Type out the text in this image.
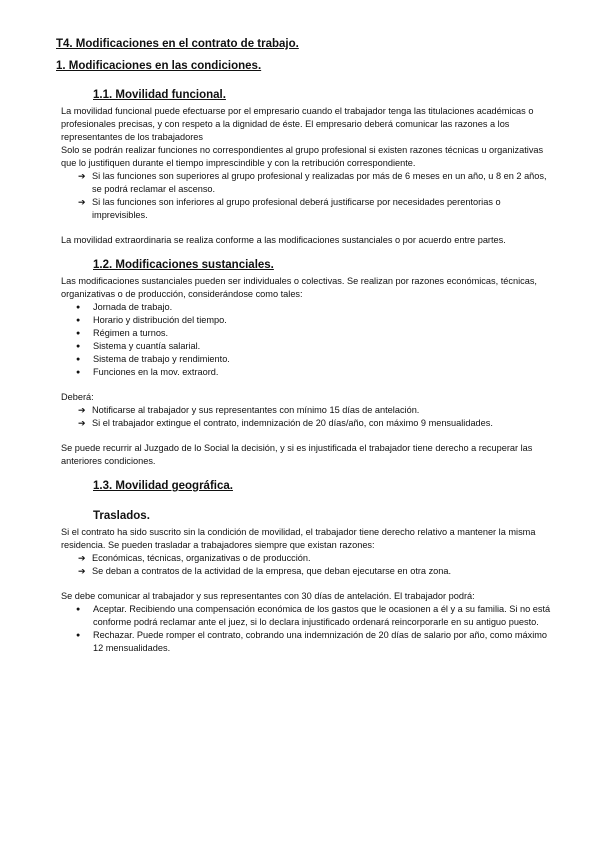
T4. Modificaciones en el contrato de trabajo.
1. Modificaciones en las condiciones.
1.1. Movilidad funcional.

La movilidad funcional puede efectuarse por el empresario cuando el trabajador tenga las titulaciones académicas o profesionales precisas, y con respeto a la dignidad de éste. El empresario deberá comunicar las razones a los representantes de los trabajadores

Solo se podrán realizar funciones no correspondientes al grupo profesional si existen razones técnicas u organizativas que lo justifiquen durante el tiempo imprescindible y con la retribución correspondiente.

➔ Si las funciones son superiores al grupo profesional y realizadas por más de 6 meses en un año, u 8 en 2 años, se podrá reclamar el ascenso.
➔ Si las funciones son inferiores al grupo profesional deberá justificarse por necesidades perentorias o imprevisibles.

La movilidad extraordinaria se realiza conforme a las modificaciones sustanciales o por acuerdo entre partes.

1.2. Modificaciones sustanciales.

Las modificaciones sustanciales pueden ser individuales o colectivas. Se realizan por razones económicas, técnicas, organizativas o de producción, considerándose como tales:

● Jornada de trabajo.
● Horario y distribución del tiempo.
● Régimen a turnos.
● Sistema y cuantía salarial.
● Sistema de trabajo y rendimiento.
● Funciones en la mov. extraord.

Deberá:

➔ Notificarse al trabajador y sus representantes con mínimo 15 días de antelación.
➔ Si el trabajador extingue el contrato, indemnización de 20 días/año, con máximo 9 mensualidades.

Se puede recurrir al Juzgado de lo Social la decisión, y si es injustificada el trabajador tiene derecho a recuperar las anteriores condiciones.

1.3. Movilidad geográfica.
Traslados.

Si el contrato ha sido suscrito sin la condición de movilidad, el trabajador tiene derecho relativo a mantener la misma residencia. Se pueden trasladar a trabajadores siempre que existan razones:

➔ Económicas, técnicas, organizativas o de producción.
➔ Se deban a contratos de la actividad de la empresa, que deban ejecutarse en otra zona.

Se debe comunicar al trabajador y sus representantes con 30 días de antelación. El trabajador podrá:

● Aceptar. Recibiendo una compensación económica de los gastos que le ocasionen a él y a su familia. Si no está conforme podrá reclamar ante el juez, si lo declara injustificado ordenará reincorporarle en su antiguo puesto.
● Rechazar. Puede romper el contrato, cobrando una indemnización de 20 días de salario por año, como máximo 12 mensualidades.
